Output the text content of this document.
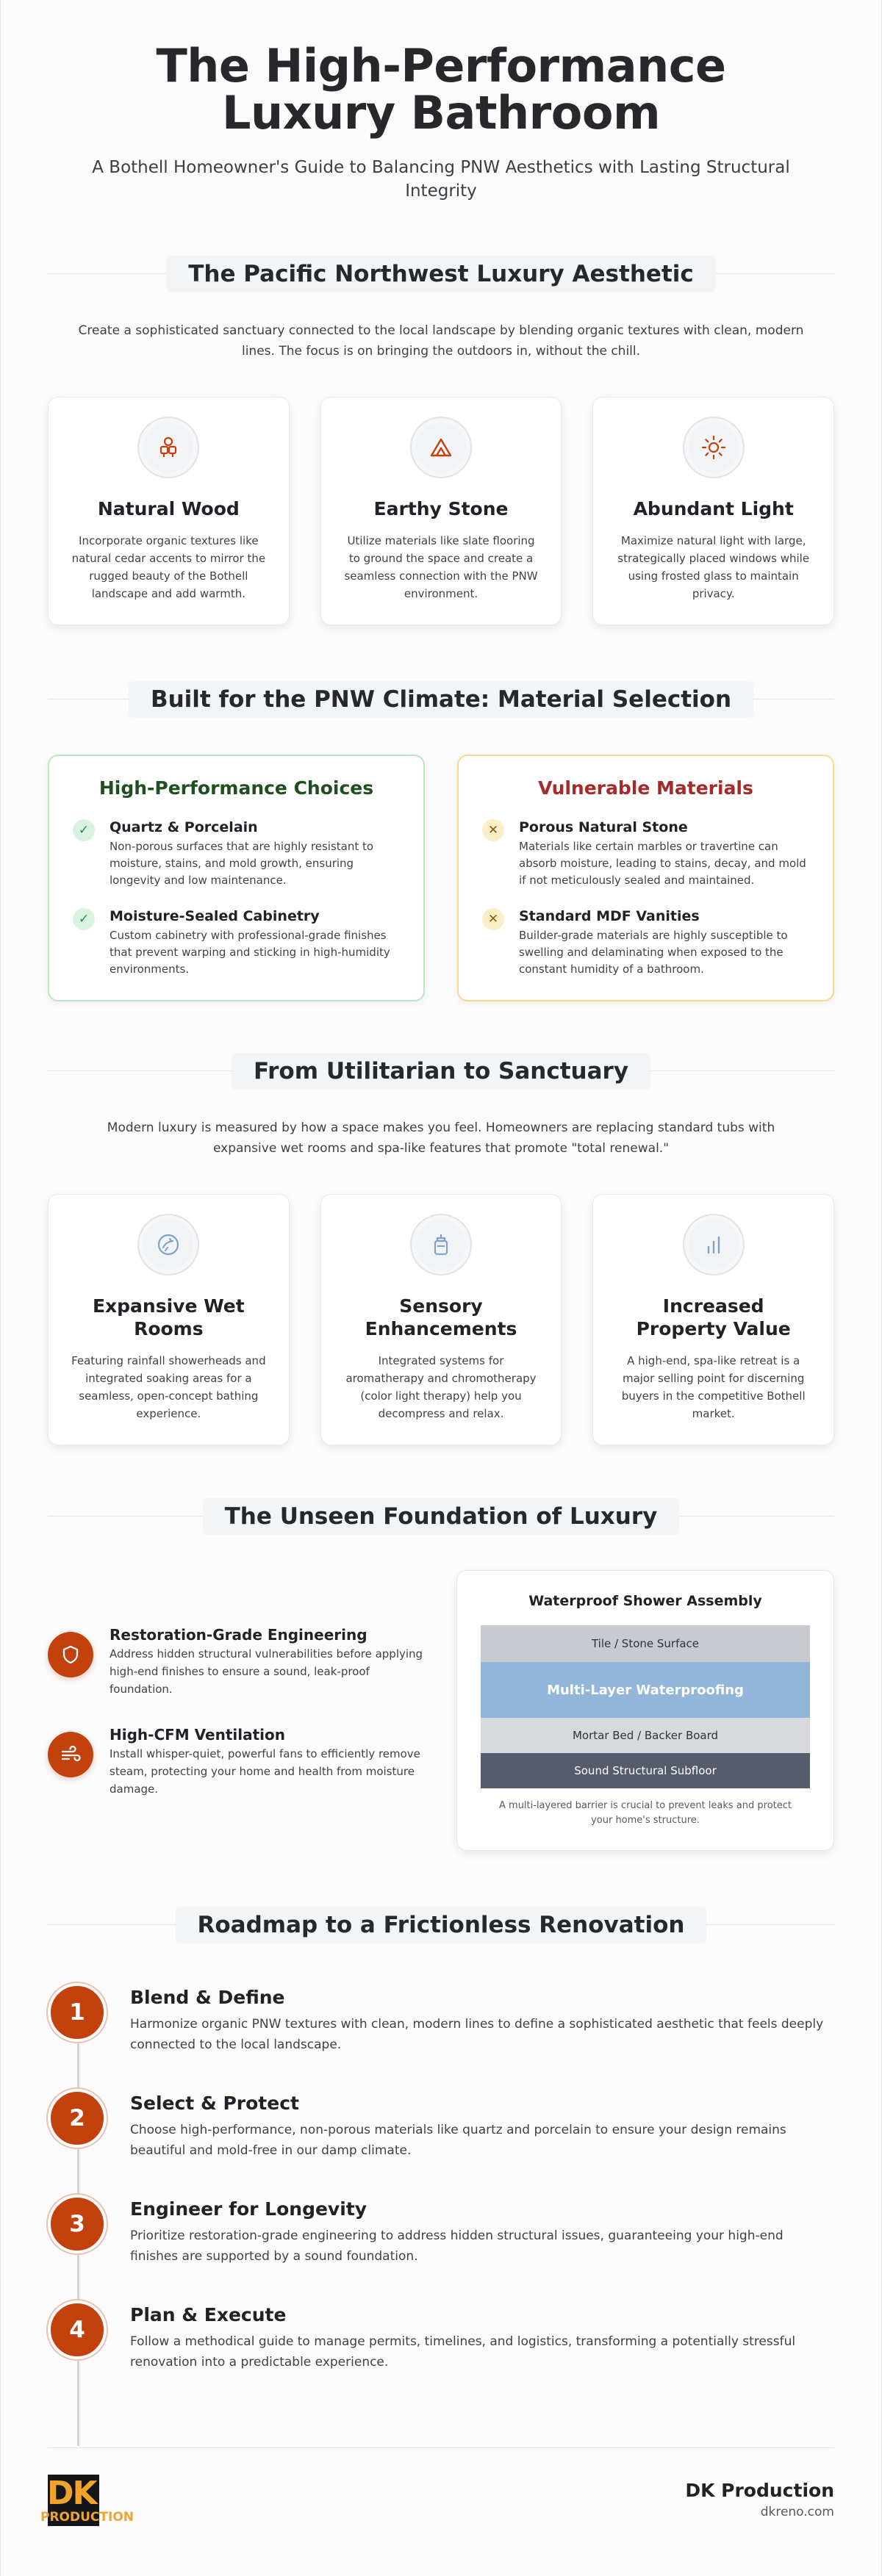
The High-Performance Luxury Bathroom

A Bothell Homeowner's Guide to Balancing PNW Aesthetics with Lasting Structural Integrity

The Pacific Northwest Luxury Aesthetic

Create a sophisticated sanctuary connected to the local landscape by blending organic textures with clean, modern lines. The focus is on bringing the outdoors in, without the chill.

Natural Wood

Incorporate organic textures like natural cedar accents to mirror the rugged beauty of the Bothell landscape and add warmth.

Earthy Stone

Utilize materials like slate flooring to ground the space and create a seamless connection with the PNW environment.

Abundant Light

Maximize natural light with large, strategically placed windows while using frosted glass to maintain privacy.

Built for the PNW Climate: Material Selection
High-Performance Choices
✓	Quartz & Porcelain

Non-porous surfaces that are highly resistant to moisture, stains, and mold growth, ensuring longevity and low maintenance.

✓	Moisture-Sealed Cabinetry

Custom cabinetry with professional-grade finishes that prevent warping and sticking in high-humidity environments.

Vulnerable Materials
✕	Porous Natural Stone

Materials like certain marbles or travertine can absorb moisture, leading to stains, decay, and mold if not meticulously sealed and maintained.

✕	Standard MDF Vanities

Builder-grade materials are highly susceptible to swelling and delaminating when exposed to the constant humidity of a bathroom.

From Utilitarian to Sanctuary

Modern luxury is measured by how a space makes you feel. Homeowners are replacing standard tubs with expansive wet rooms and spa-like features that promote "total renewal."

Expansive Wet Rooms

Featuring rainfall showerheads and integrated soaking areas for a seamless, open-concept bathing experience.

Sensory Enhancements

Integrated systems for aromatherapy and chromotherapy (color light therapy) help you decompress and relax.

Increased Property Value

A high-end, spa-like retreat is a major selling point for discerning buyers in the competitive Bothell market.

The Unseen Foundation of Luxury
Restoration-Grade Engineering

Address hidden structural vulnerabilities before applying high-end finishes to ensure a sound, leak-proof foundation.

High-CFM Ventilation

Install whisper-quiet, powerful fans to efficiently remove steam, protecting your home and health from moisture damage.

Waterproof Shower Assembly
Tile / Stone Surface
Multi-Layer Waterproofing
Mortar Bed / Backer Board
Sound Structural Subfloor

A multi-layered barrier is crucial to prevent leaks and protect your home's structure.

Roadmap to a Frictionless Renovation
1
Blend & Define

Harmonize organic PNW textures with clean, modern lines to define a sophisticated aesthetic that feels deeply connected to the local landscape.

2
Select & Protect

Choose high-performance, non-porous materials like quartz and porcelain to ensure your design remains beautiful and mold-free in our damp climate.

3
Engineer for Longevity

Prioritize restoration-grade engineering to address hidden structural issues, guaranteeing your high-end finishes are supported by a sound foundation.

4
Plan & Execute

Follow a methodical guide to manage permits, timelines, and logistics, transforming a potentially stressful renovation into a predictable experience.

DK
PRODUCTION
DK Production
dkreno.com
